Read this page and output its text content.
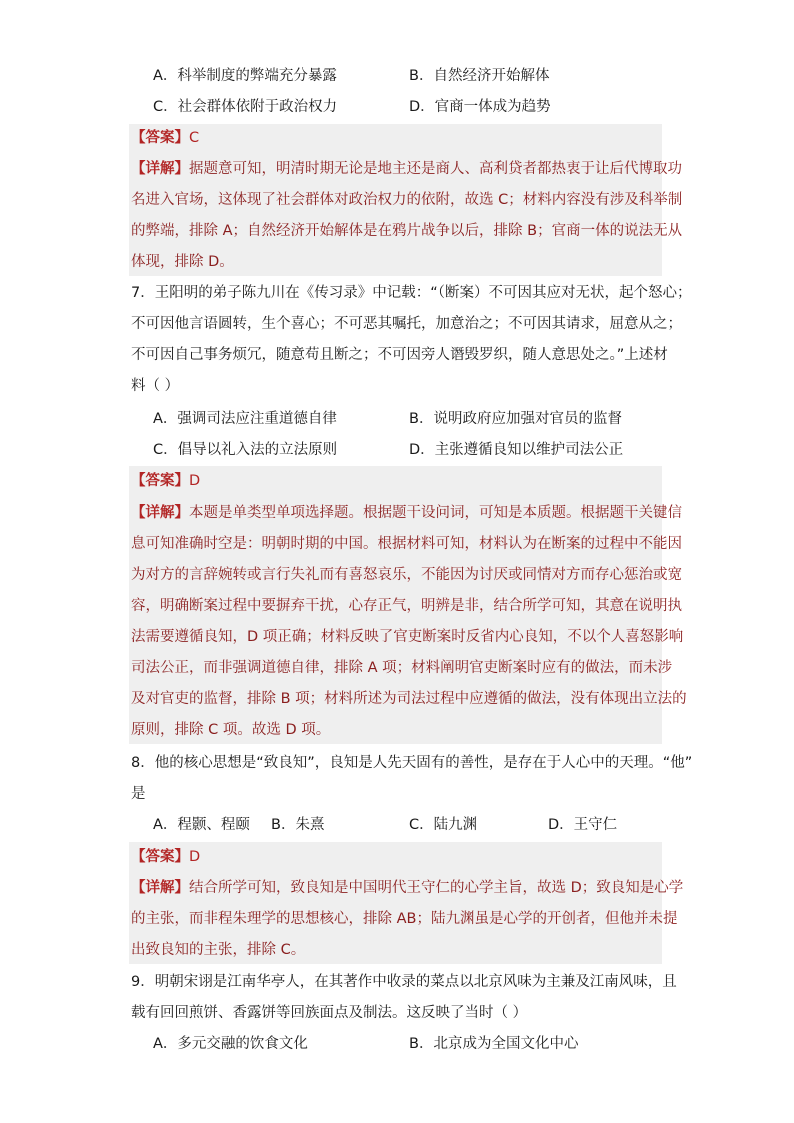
A．科举制度的弊端充分暴露	B．自然经济开始解体
C．社会群体依附于政治权力	D．官商一体成为趋势
【答案】C
【详解】据题意可知，明清时期无论是地主还是商人、高利贷者都热衷于让后代博取功
名进入官场，这体现了社会群体对政治权力的依附，故选 C；材料内容没有涉及科举制
的弊端，排除 A；自然经济开始解体是在鸦片战争以后，排除 B；官商一体的说法无从
体现，排除 D。
7．王阳明的弟子陈九川在《传习录》中记载：“（断案）不可因其应对无状，起个怒心；
不可因他言语圆转，生个喜心；不可恶其嘱托，加意治之；不可因其请求，屈意从之；
不可因自己事务烦冗，随意苟且断之；不可因旁人谮毁罗织，随人意思处之。”上述材
料（ ）
A．强调司法应注重道德自律	B．说明政府应加强对官员的监督
C．倡导以礼入法的立法原则	D．主张遵循良知以维护司法公正
【答案】D
【详解】本题是单类型单项选择题。根据题干设问词，可知是本质题。根据题干关键信
息可知准确时空是：明朝时期的中国。根据材料可知，材料认为在断案的过程中不能因
为对方的言辞婉转或言行失礼而有喜怒哀乐，不能因为讨厌或同情对方而存心惩治或宽
容，明确断案过程中要摒弃干扰，心存正气，明辨是非，结合所学可知，其意在说明执
法需要遵循良知，D 项正确；材料反映了官吏断案时反省内心良知，不以个人喜怒影响
司法公正，而非强调道德自律，排除 A 项；材料阐明官吏断案时应有的做法，而未涉
及对官吏的监督，排除 B 项；材料所述为司法过程中应遵循的做法，没有体现出立法的
原则，排除 C 项。故选 D 项。
8．他的核心思想是“致良知”，良知是人先天固有的善性，是存在于人心中的天理。“他”
是
A．程颢、程颐 B．朱熹	C．陆九渊	D．王守仁
【答案】D
【详解】结合所学可知，致良知是中国明代王守仁的心学主旨，故选 D；致良知是心学
的主张，而非程朱理学的思想核心，排除 AB；陆九渊虽是心学的开创者，但他并未提
出致良知的主张，排除 C。
9．明朝宋诩是江南华亭人，在其著作中收录的菜点以北京风味为主兼及江南风味，且
载有回回煎饼、香露饼等回族面点及制法。这反映了当时（ ）
A．多元交融的饮食文化	B．北京成为全国文化中心
